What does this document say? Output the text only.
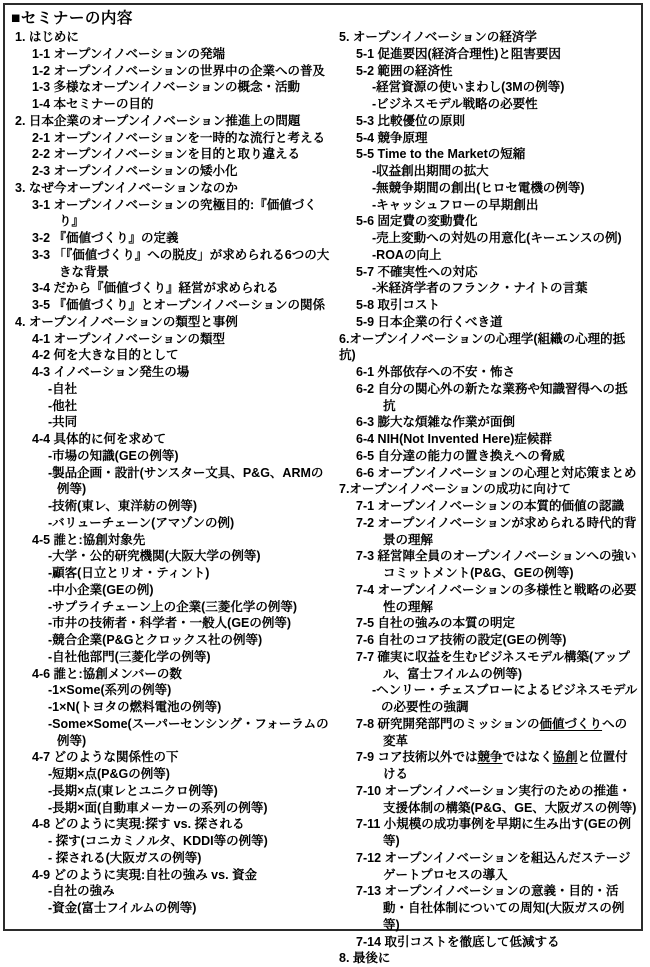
■セミナーの内容
1. はじめに
1-1 オープンイノベーションの発端
1-2 オープンイノベーションの世界中の企業への普及
1-3 多様なオープンイノベーションの概念・活動
1-4 本セミナーの目的
2. 日本企業のオープンイノベーション推進上の問題
2-1 オープンイノベーションを一時的な流行と考える
2-2 オープンイノベーションを目的と取り違える
2-3 オープンイノベーションの矮小化
3. なぜ今オープンイノベーションなのか
3-1 オープンイノベーションの究極目的:『価値づくり』
3-2 『価値づくり』の定義
3-3 「『価値づくり』への脱皮」が求められる6つの大きな背景
3-4 だから『価値づくり』経営が求められる
3-5 『価値づくり』とオープンイノベーションの関係
4. オープンイノベーションの類型と事例
4-1 オープンイノベーションの類型
4-2 何を大きな目的として
4-3 イノベーション発生の場
-自社
-他社
-共同
4-4 具体的に何を求めて
-市場の知識(GEの例等)
-製品企画・設計(サンスター文具、P&G、ARMの例等)
-技術(東レ、東洋紡の例等)
-バリューチェーン(アマゾンの例)
4-5 誰と:協創対象先
-大学・公的研究機関(大阪大学の例等)
-顧客(日立とリオ・ティント)
-中小企業(GEの例)
-サプライチェーン上の企業(三菱化学の例等)
-市井の技術者・科学者・一般人(GEの例等)
-競合企業(P&Gとクロックス社の例等)
-自社他部門(三菱化学の例等)
4-6 誰と:協創メンバーの数
-1×Some(系列の例等)
-1×N(トヨタの燃料電池の例等)
-Some×Some(スーパーセンシング・フォーラムの例等)
4-7 どのような関係性の下
-短期×点(P&Gの例等)
-長期×点(東レとユニクロ例等)
-長期×面(自動車メーカーの系列の例等)
4-8 どのように実現:探す vs. 探される
- 探す(コニカミノルタ、KDDI等の例等)
- 探される(大阪ガスの例等)
4-9 どのように実現:自社の強み vs. 資金
-自社の強み
-資金(富士フイルムの例等)
5. オープンイノベーションの経済学
5-1 促進要因(経済合理性)と阻害要因
5-2 範囲の経済性
-経営資源の使いまわし(3Mの例等)
-ビジネスモデル戦略の必要性
5-3 比較優位の原則
5-4 競争原理
5-5 Time to the Marketの短縮
-収益創出期間の拡大
-無競争期間の創出(ヒロセ電機の例等)
-キャッシュフローの早期創出
5-6 固定費の変動費化
-売上変動への対処の用意化(キーエンスの例)
-ROAの向上
5-7 不確実性への対応
-米経済学者のフランク・ナイトの言葉
5-8 取引コスト
5-9 日本企業の行くべき道
6.オープンイノベーションの心理学(組織の心理的抵抗)
6-1 外部依存への不安・怖さ
6-2 自分の関心外の新たな業務や知識習得への抵抗
6-3 膨大な煩雑な作業が面倒
6-4 NIH(Not Invented Here)症候群
6-5 自分達の能力の置き換えへの脅威
6-6 オープンイノベーションの心理と対応策まとめ
7.オープンイノベーションの成功に向けて
7-1 オープンイノベーションの本質的価値の認識
7-2 オープンイノベーションが求められる時代的背景の理解
7-3 経営陣全員のオープンイノベーションへの強いコミットメント(P&G、GEの例等)
7-4 オープンイノベーションの多様性と戦略の必要性の理解
7-5 自社の強みの本質の明定
7-6 自社のコア技術の設定(GEの例等)
7-7 確実に収益を生むビジネスモデル構築(アップル、富士フイルムの例等)
-ヘンリー・チェスブローによるビジネスモデルの必要性の強調
7-8 研究開発部門のミッションの価値づくりへの変革
7-9 コア技術以外では競争ではなく協創と位置付ける
7-10 オープンイノベーション実行のための推進・支援体制の構築(P&G、GE、大阪ガスの例等)
7-11 小規模の成功事例を早期に生み出す(GEの例等)
7-12 オープンイノベーションを組込んだステージゲートプロセスの導入
7-13 オープンイノベーションの意義・目的・活動・自社体制についての周知(大阪ガスの例等)
7-14 取引コストを徹底して低減する
8. 最後に
